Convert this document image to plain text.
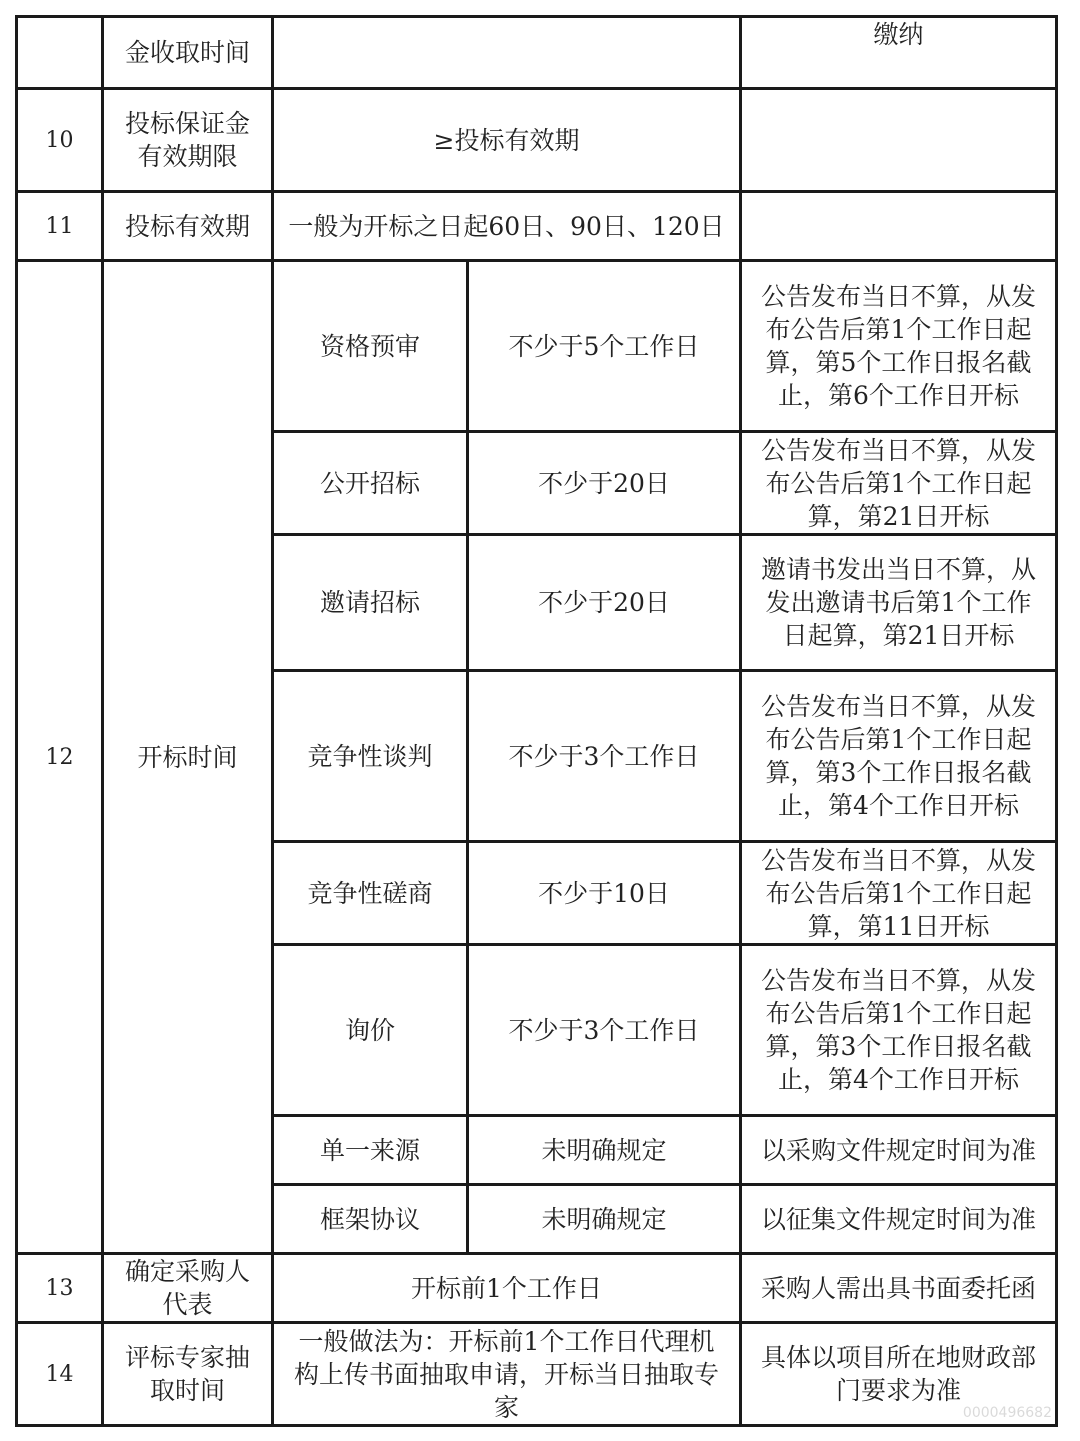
	金收取时间			缴纳
10	投标保证金有效期限	≥投标有效期		
11	投标有效期	一般为开标之日起60日、90日、120日		
12	开标时间	资格预审	不少于5个工作日	公告发布当日不算，从发布公告后第1个工作日起算，第5个工作日报名截止，第6个工作日开标
		公开招标	不少于20日	公告发布当日不算，从发布公告后第1个工作日起算，第21日开标
		邀请招标	不少于20日	邀请书发出当日不算，从发出邀请书后第1个工作日起算，第21日开标
		竞争性谈判	不少于3个工作日	公告发布当日不算，从发布公告后第1个工作日起算，第3个工作日报名截止，第4个工作日开标
		竞争性磋商	不少于10日	公告发布当日不算，从发布公告后第1个工作日起算，第11日开标
		询价	不少于3个工作日	公告发布当日不算，从发布公告后第1个工作日起算，第3个工作日报名截止，第4个工作日开标
		单一来源	未明确规定	以采购文件规定时间为准
		框架协议	未明确规定	以征集文件规定时间为准
13	确定采购人代表	开标前1个工作日		采购人需出具书面委托函
14	评标专家抽取时间	一般做法为：开标前1个工作日代理机构上传书面抽取申请，开标当日抽取专家		具体以项目所在地财政部门要求为准
0000496682
